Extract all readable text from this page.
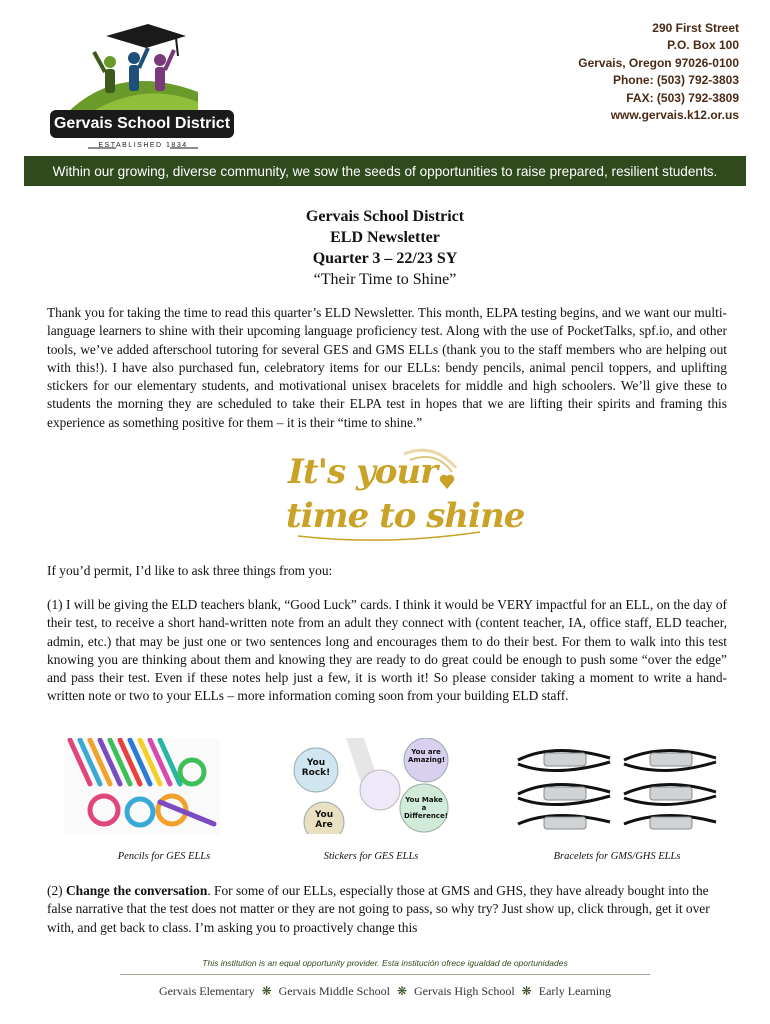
Gervais School District
ESTABLISHED 1834
290 First Street
P.O. Box 100
Gervais, Oregon 97026-0100
Phone: (503) 792-3803
FAX: (503) 792-3809
www.gervais.k12.or.us
Within our growing, diverse community, we sow the seeds of opportunities to raise prepared, resilient students.
Gervais School District
ELD Newsletter
Quarter 3 – 22/23 SY
“Their Time to Shine”

Thank you for taking the time to read this quarter’s ELD Newsletter. This month, ELPA testing begins, and we want our multi-language learners to shine with their upcoming language proficiency test. Along with the use of PocketTalks, spf.io, and other tools, we’ve added afterschool tutoring for several GES and GMS ELLs (thank you to the staff members who are helping out with this!). I have also purchased fun, celebratory items for our ELLs: bendy pencils, animal pencil toppers, and uplifting stickers for our elementary students, and motivational unisex bracelets for middle and high schoolers. We’ll give these to students the morning they are scheduled to take their ELPA test in hopes that we are lifting their spirits and framing this experience as something positive for them – it is their “time to shine.”

It's your
time to shine

If you’d permit, I’d like to ask three things from you:

(1) I will be giving the ELD teachers blank, “Good Luck” cards. I think it would be VERY impactful for an ELL, on the day of their test, to receive a short hand-written note from an adult they connect with (content teacher, IA, office staff, ELD teacher, admin, etc.) that may be just one or two sentences long and encourages them to do their best. For them to walk into this test knowing you are thinking about them and knowing they are ready to do great could be enough to push some “over the edge” and pass their test. Even if these notes help just a few, it is worth it! So please consider taking a moment to write a hand-written note or two to your ELLs – more information coming soon from your building ELD staff.

You Rock!
You are Amazing!
You Make a Difference!
You Are
Pencils for GES ELLs	Stickers for GES ELLs	Bracelets for GMS/GHS ELLs

(2) Change the conversation. For some of our ELLs, especially those at GMS and GHS, they have already bought into the false narrative that the test does not matter or they are not going to pass, so why try? Just show up, click through, get it over with, and get back to class. I’m asking you to proactively change this

This institution is an equal opportunity provider. Esta institución ofrece igualdad de oportunidades
Gervais Elementary ❋ Gervais Middle School ❋ Gervais High School ❋ Early Learning
